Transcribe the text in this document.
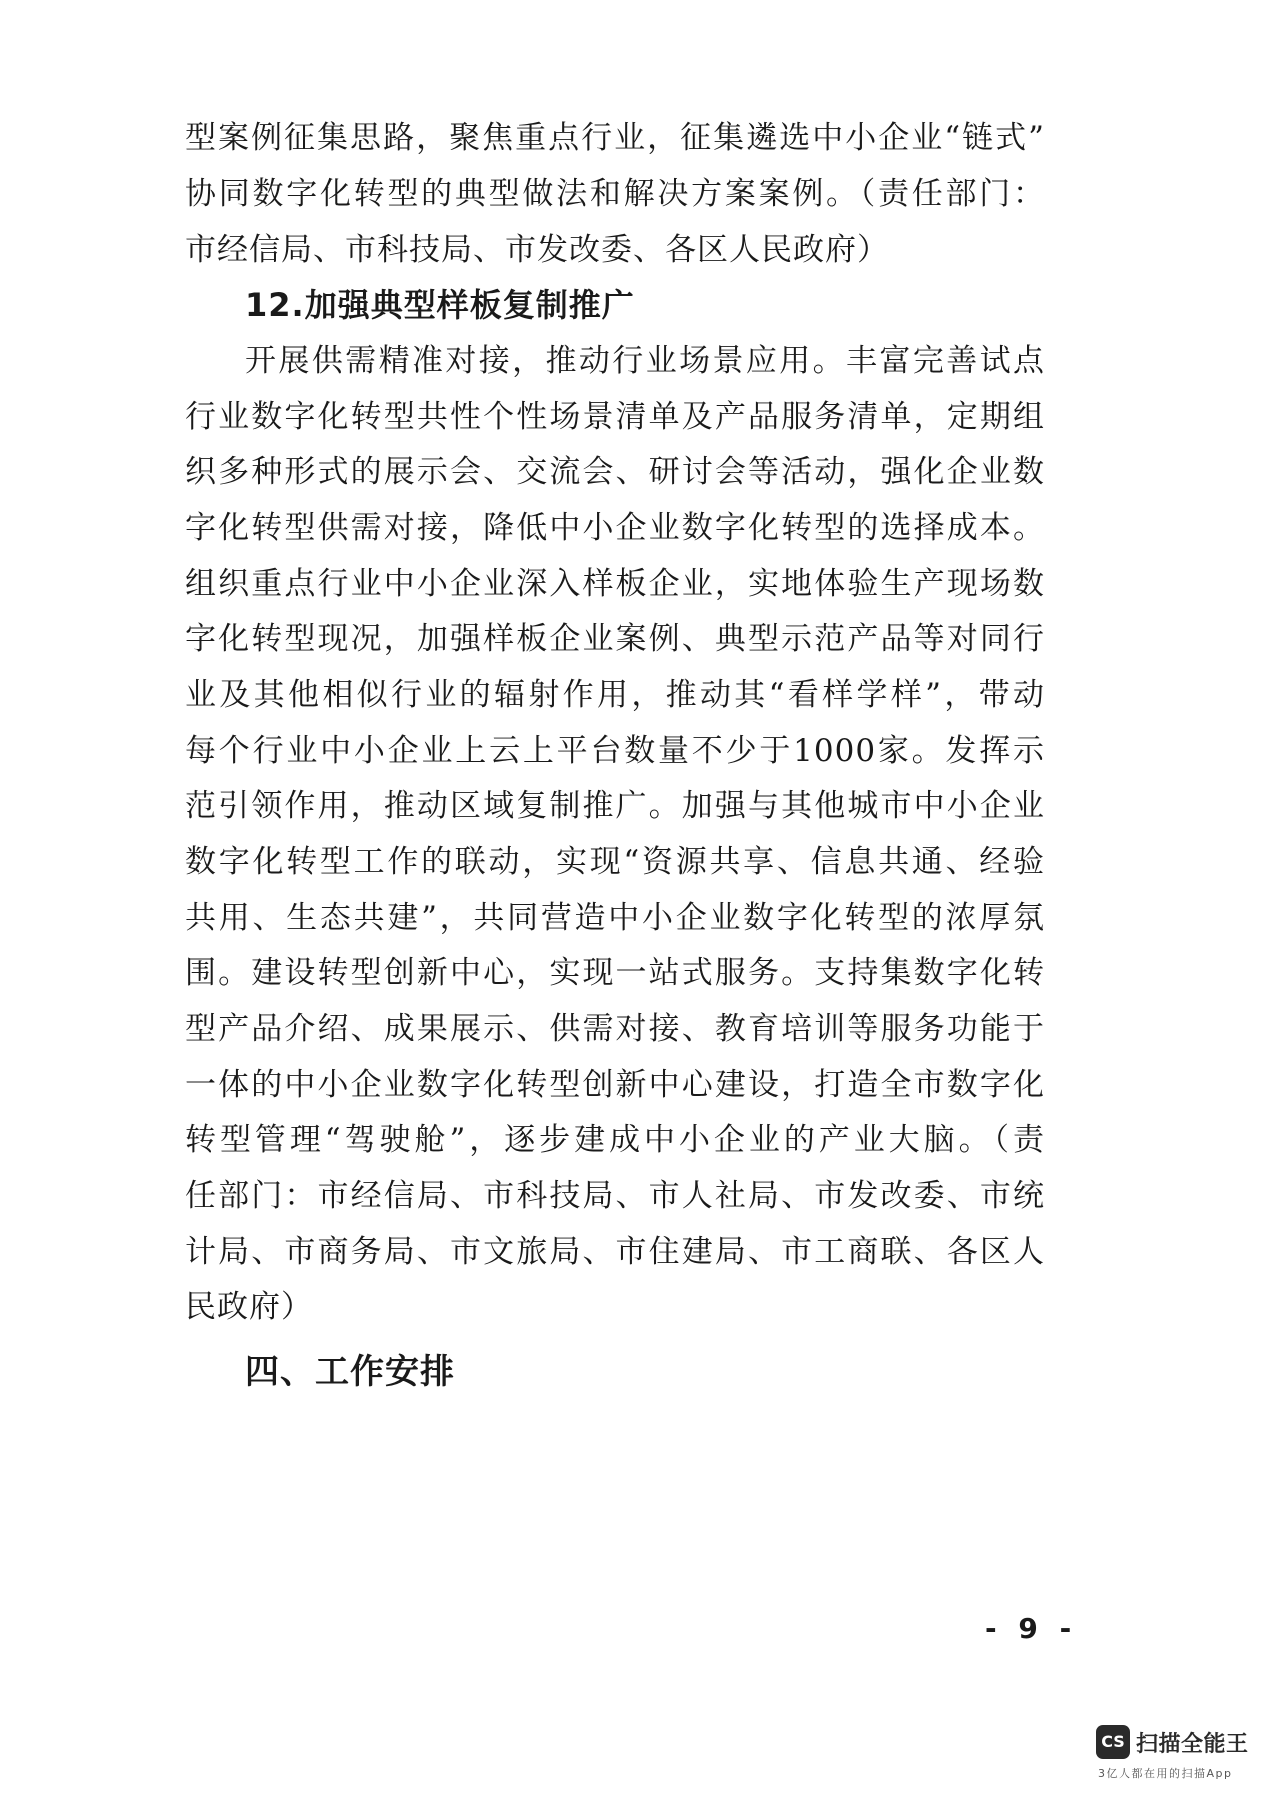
型案例征集思路，聚焦重点行业，征集遴选中小企业“链式”
协同数字化转型的典型做法和解决方案案例。（责任部门：
市经信局、市科技局、市发改委、各区人民政府）
12.加强典型样板复制推广
开展供需精准对接，推动行业场景应用。丰富完善试点
行业数字化转型共性个性场景清单及产品服务清单，定期组
织多种形式的展示会、交流会、研讨会等活动，强化企业数
字化转型供需对接，降低中小企业数字化转型的选择成本。
组织重点行业中小企业深入样板企业，实地体验生产现场数
字化转型现况，加强样板企业案例、典型示范产品等对同行
业及其他相似行业的辐射作用，推动其“看样学样”，带动
每个行业中小企业上云上平台数量不少于1000家。发挥示
范引领作用，推动区域复制推广。加强与其他城市中小企业
数字化转型工作的联动，实现“资源共享、信息共通、经验
共用、生态共建”，共同营造中小企业数字化转型的浓厚氛
围。建设转型创新中心，实现一站式服务。支持集数字化转
型产品介绍、成果展示、供需对接、教育培训等服务功能于
一体的中小企业数字化转型创新中心建设，打造全市数字化
转型管理“驾驶舱”，逐步建成中小企业的产业大脑。（责
任部门：市经信局、市科技局、市人社局、市发改委、市统
计局、市商务局、市文旅局、市住建局、市工商联、各区人
民政府）
四、工作安排
- 9 -
CS 扫描全能王
3亿人都在用的扫描App
